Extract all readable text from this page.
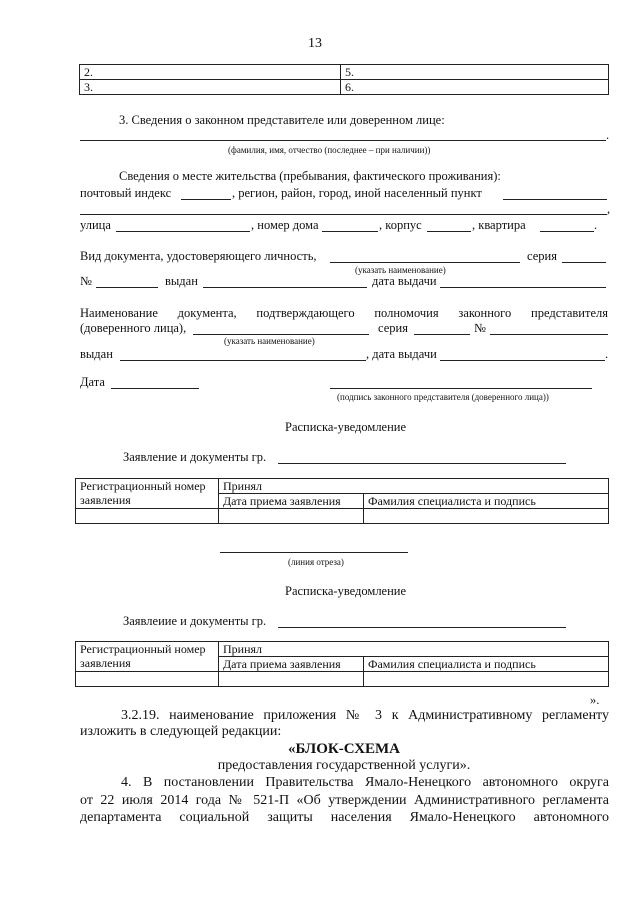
13
2.	5.
3.	6.
3. Сведения о законном представителе или доверенном лице:
.
(фамилия, имя, отчество (последнее – при наличии))
Сведения о месте жительства (пребывания, фактического проживания):
почтовый индекс	, регион, район, город, иной населенный пункт
,
улица	, номер дома	, корпус	, квартира	.
Вид документа, удостоверяющего личность,	серия
(указать наименование)
№	выдан	дата выдачи
Наименование документа, подтверждающего полномочия законного представителя
(доверенного лица),	серия	№
(указать наименование)
выдан	, дата выдачи	.
Дата
(подпись законного представителя (доверенного лица))
Расписка-уведомление
Заявление и документы гр.
Регистрационный номер заявления	Принял	
	Дата приема заявления	Фамилия специалиста и подпись

(линия отреза)
Расписка-уведомление
Заявлеиие и документы гр.
Регистрационный номер заявления	Принял	
	Дата приема заявления	Фамилия специалиста и подпись

».
3.2.19. наименование приложения № 3 к Административному регламенту
изложить в следующей редакции:
«БЛОК-СХЕМА
предоставления государственной услуги».
4. В постановлении Правительства Ямало-Ненецкого автономного округа
от 22 июля 2014 года № 521-П «Об утверждении Административного регламента
департамента социальной защиты населения Ямало-Ненецкого автономного
